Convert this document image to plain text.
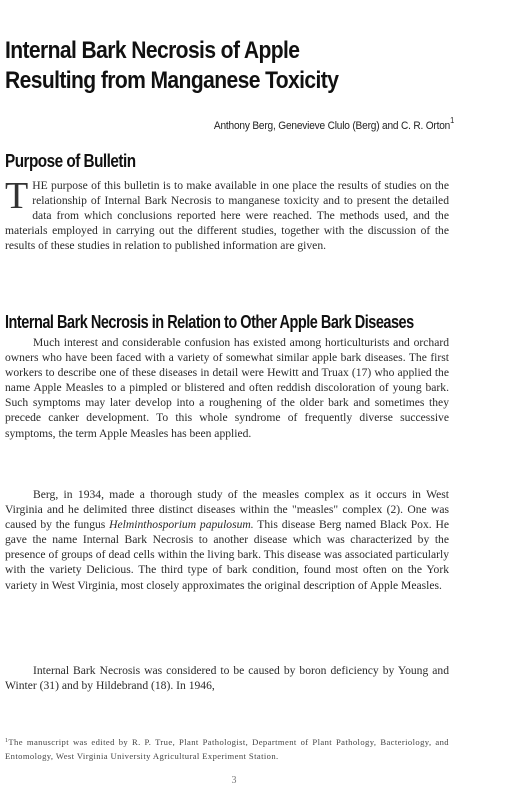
Internal Bark Necrosis of Apple
Resulting from Manganese Toxicity
Anthony Berg, Genevieve Clulo (Berg) and C. R. Orton$^1$
Purpose of Bulletin
THE purpose of this bulletin is to make available in one place the results of studies on the relationship of Internal Bark Necrosis to manganese toxicity and to present the detailed data from which conclusions reported here were reached. The methods used, and the materials employed in carrying out the different studies, together with the discussion of the results of these studies in relation to published information are given.
Internal Bark Necrosis in Relation to Other Apple Bark Diseases
Much interest and considerable confusion has existed among horticulturists and orchard owners who have been faced with a variety of somewhat similar apple bark diseases. The first workers to describe one of these diseases in detail were Hewitt and Truax (17) who applied the name Apple Measles to a pimpled or blistered and often reddish discoloration of young bark. Such symptoms may later develop into a roughening of the older bark and sometimes they precede canker development. To this whole syndrome of frequently diverse successive symptoms, the term Apple Measles has been applied.
Berg, in 1934, made a thorough study of the measles complex as it occurs in West Virginia and he delimited three distinct diseases within the "measles" complex (2). One was caused by the fungus Helminthosporium papulosum. This disease Berg named Black Pox. He gave the name Internal Bark Necrosis to another disease which was characterized by the presence of groups of dead cells within the living bark. This disease was associated particularly with the variety Delicious. The third type of bark condition, found most often on the York variety in West Virginia, most closely approximates the original description of Apple Measles.
Internal Bark Necrosis was considered to be caused by boron deficiency by Young and Winter (31) and by Hildebrand (18). In 1946,
$^1$The manuscript was edited by R. P. True, Plant Pathologist, Department of Plant Pathology, Bacteriology, and Entomology, West Virginia University Agricultural Experiment Station.
3
